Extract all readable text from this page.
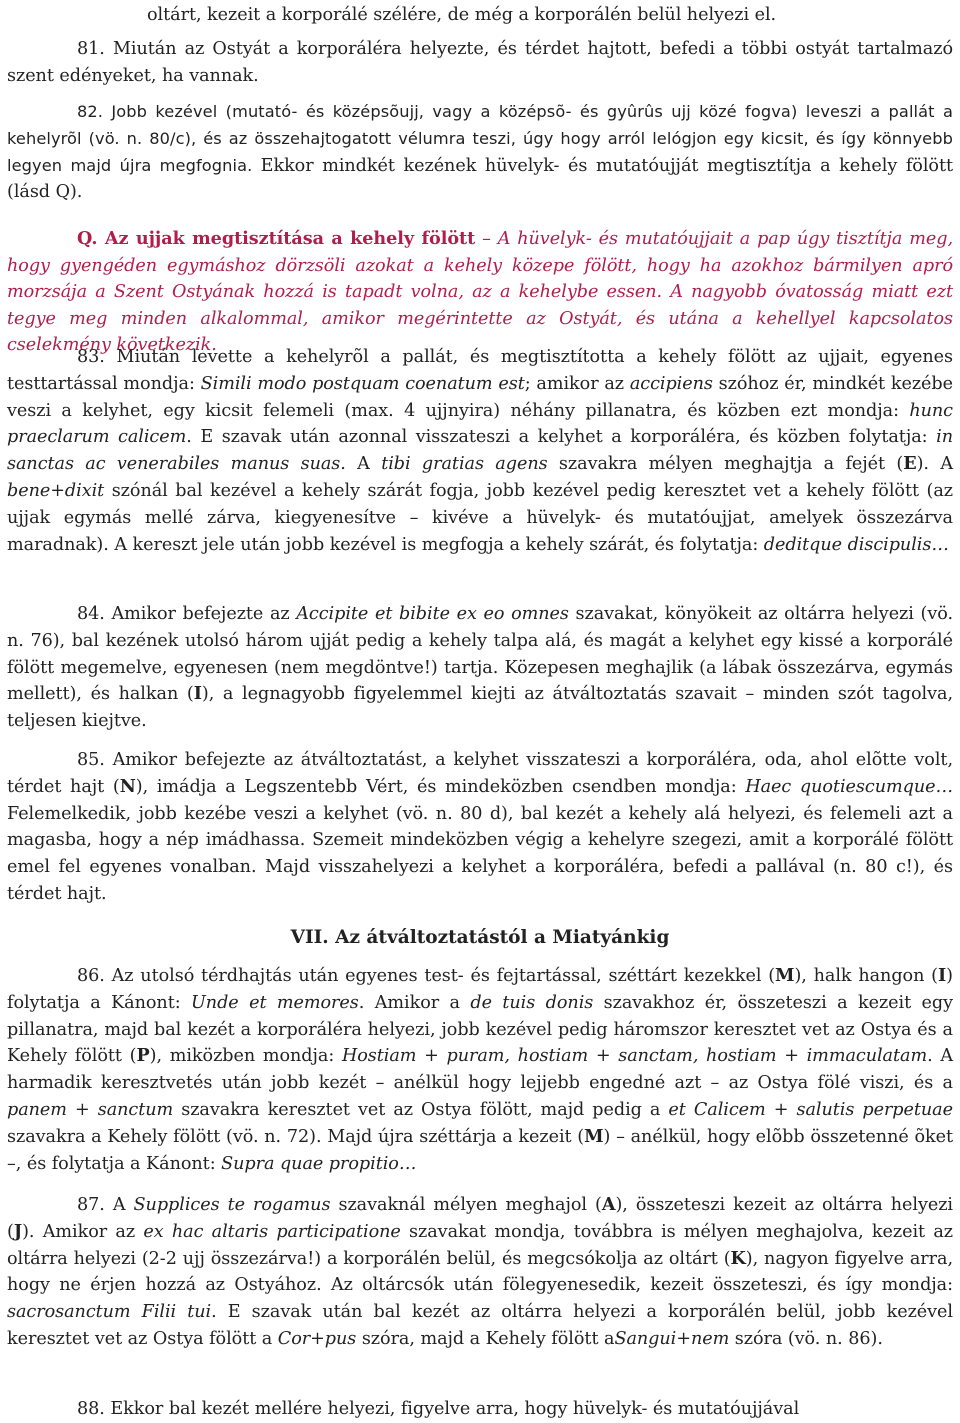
oltárt, kezeit a korporálé szélére, de még a korporálén belül helyezi el.

81. Miután az Ostyát a korporáléra helyezte, és térdet hajtott, befedi a többi ostyát tartalmazó szent edényeket, ha vannak.

82. Jobb kezével (mutató- és középsõujj, vagy a középsõ- és gyûrûs ujj közé fogva) leveszi a pallát a kehelyrõl (vö. n. 80/c), és az összehajtogatott vélumra teszi, úgy hogy arról lelógjon egy kicsit, és így könnyebb legyen majd újra megfognia. Ekkor mindkét kezének hüvelyk- és mutatóujját megtisztítja a kehely fölött (lásd Q).

Q. Az ujjak megtisztítása a kehely fölött – A hüvelyk- és mutatóujjait a pap úgy tisztítja meg, hogy gyengéden egymáshoz dörzsöli azokat a kehely közepe fölött, hogy ha azokhoz bármilyen apró morzsája a Szent Ostyának hozzá is tapadt volna, az a kehelybe essen. A nagyobb óvatosság miatt ezt tegye meg minden alkalommal, amikor megérintette az Ostyát, és utána a kehellyel kapcsolatos cselekmény következik.

83. Miután levette a kehelyrõl a pallát, és megtisztította a kehely fölött az ujjait, egyenes testtartással mondja: Simili modo postquam coenatum est; amikor az accipiens szóhoz ér, mindkét kezébe veszi a kelyhet, egy kicsit felemeli (max. 4 ujjnyira) néhány pillanatra, és közben ezt mondja: hunc praeclarum calicem. E szavak után azonnal visszateszi a kelyhet a korporáléra, és közben folytatja: in sanctas ac venerabiles manus suas. A tibi gratias agens szavakra mélyen meghajtja a fejét (E). A bene+dixit szónál bal kezével a kehely szárát fogja, jobb kezével pedig keresztet vet a kehely fölött (az ujjak egymás mellé zárva, kiegyenesítve – kivéve a hüvelyk- és mutatóujjat, amelyek összezárva maradnak). A kereszt jele után jobb kezével is megfogja a kehely szárát, és folytatja: deditque discipulis…

84. Amikor befejezte az Accipite et bibite ex eo omnes szavakat, könyökeit az oltárra helyezi (vö. n. 76), bal kezének utolsó három ujját pedig a kehely talpa alá, és magát a kelyhet egy kissé a korporálé fölött megemelve, egyenesen (nem megdöntve!) tartja. Közepesen meghajlik (a lábak összezárva, egymás mellett), és halkan (I), a legnagyobb figyelemmel kiejti az átváltoztatás szavait – minden szót tagolva, teljesen kiejtve.

85. Amikor befejezte az átváltoztatást, a kelyhet visszateszi a korporáléra, oda, ahol elõtte volt, térdet hajt (N), imádja a Legszentebb Vért, és mindeközben csendben mondja: Haec quotiescumque… Felemelkedik, jobb kezébe veszi a kelyhet (vö. n. 80 d), bal kezét a kehely alá helyezi, és felemeli azt a magasba, hogy a nép imádhassa. Szemeit mindeközben végig a kehelyre szegezi, amit a korporálé fölött emel fel egyenes vonalban. Majd visszahelyezi a kelyhet a korporáléra, befedi a pallával (n. 80 c!), és térdet hajt.

VII. Az átváltoztatástól a Miatyánkig

86. Az utolsó térdhajtás után egyenes test- és fejtartással, széttárt kezekkel (M), halk hangon (I) folytatja a Kánont: Unde et memores. Amikor a de tuis donis szavakhoz ér, összeteszi a kezeit egy pillanatra, majd bal kezét a korporáléra helyezi, jobb kezével pedig háromszor keresztet vet az Ostya és a Kehely fölött (P), miközben mondja: Hostiam + puram, hostiam + sanctam, hostiam + immaculatam. A harmadik keresztvetés után jobb kezét – anélkül hogy lejjebb engedné azt – az Ostya fölé viszi, és a panem + sanctum szavakra keresztet vet az Ostya fölött, majd pedig a et Calicem + salutis perpetuae szavakra a Kehely fölött (vö. n. 72). Majd újra széttárja a kezeit (M) – anélkül, hogy elõbb összetenné õket –, és folytatja a Kánont: Supra quae propitio…

87. A Supplices te rogamus szavaknál mélyen meghajol (A), összeteszi kezeit az oltárra helyezi (J). Amikor az ex hac altaris participatione szavakat mondja, továbbra is mélyen meghajolva, kezeit az oltárra helyezi (2-2 ujj összezárva!) a korporálén belül, és megcsókolja az oltárt (K), nagyon figyelve arra, hogy ne érjen hozzá az Ostyához. Az oltárcsók után fölegyenesedik, kezeit összeteszi, és így mondja: sacrosanctum Filii tui. E szavak után bal kezét az oltárra helyezi a korporálén belül, jobb kezével keresztet vet az Ostya fölött a Cor+pus szóra, majd a Kehely fölött aSangui+nem szóra (vö. n. 86).

88. Ekkor bal kezét mellére helyezi, figyelve arra, hogy hüvelyk- és mutatóujjával
